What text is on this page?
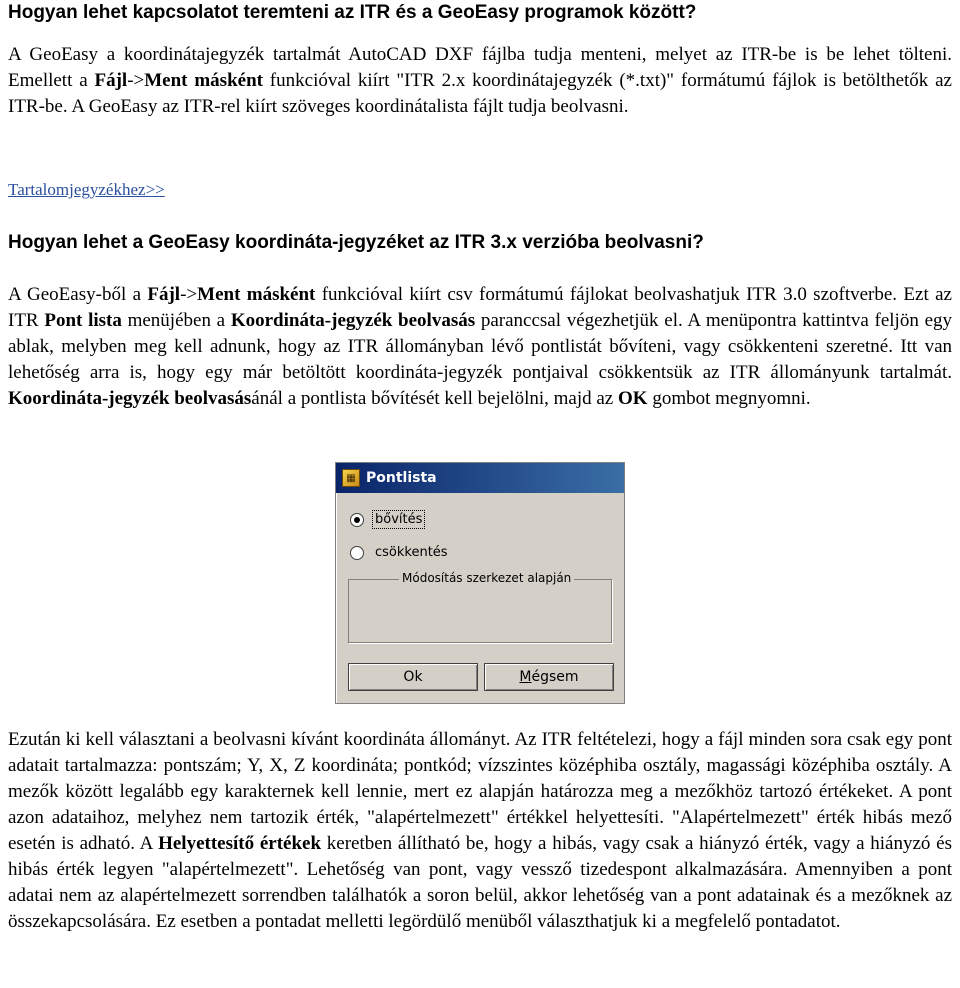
Hogyan lehet kapcsolatot teremteni az ITR és a GeoEasy programok között?

A GeoEasy a koordinátajegyzék tartalmát AutoCAD DXF fájlba tudja menteni, melyet az ITR-be is be lehet tölteni. Emellett a Fájl->Ment másként funkcióval kiírt "ITR 2.x koordinátajegyzék (*.txt)" formátumú fájlok is betölthetők az ITR-be. A GeoEasy az ITR-rel kiírt szöveges koordinátalista fájlt tudja beolvasni.

Tartalomjegyzékhez>>
Hogyan lehet a GeoEasy koordináta-jegyzéket az ITR 3.x verzióba beolvasni?

A GeoEasy-ből a Fájl->Ment másként funkcióval kiírt csv formátumú fájlokat beolvashatjuk ITR 3.0 szoftverbe. Ezt az ITR Pont lista menüjében a Koordináta-jegyzék beolvasás paranccsal végezhetjük el. A menüpontra kattintva feljön egy ablak, melyben meg kell adnunk, hogy az ITR állományban lévő pontlistát bővíteni, vagy csökkenteni szeretné. Itt van lehetőség arra is, hogy egy már betöltött koordináta-jegyzék pontjaival csökkentsük az ITR állományunk tartalmát. Koordináta-jegyzék beolvasásánál a pontlista bővítését kell bejelölni, majd az OK gombot megnyomni.

▦ Pontlista
bővítés
csökkentés
Módosítás szerkezet alapján
Ok	M égsem

Ezután ki kell választani a beolvasni kívánt koordináta állományt. Az ITR feltételezi, hogy a fájl minden sora csak egy pont adatait tartalmazza: pontszám; Y, X, Z koordináta; pontkód; vízszintes középhiba osztály, magassági középhiba osztály. A mezők között legalább egy karakternek kell lennie, mert ez alapján határozza meg a mezőkhöz tartozó értékeket. A pont azon adataihoz, melyhez nem tartozik érték, "alapértelmezett" értékkel helyettesíti. "Alapértelmezett" érték hibás mező esetén is adható. A Helyettesítő értékek keretben állítható be, hogy a hibás, vagy csak a hiányzó érték, vagy a hiányzó és hibás érték legyen "alapértelmezett". Lehetőség van pont, vagy vessző tizedespont alkalmazására. Amennyiben a pont adatai nem az alapértelmezett sorrendben találhatók a soron belül, akkor lehetőség van a pont adatainak és a mezőknek az összekapcsolására. Ez esetben a pontadat melletti legördülő menüből választhatjuk ki a megfelelő pontadatot.
